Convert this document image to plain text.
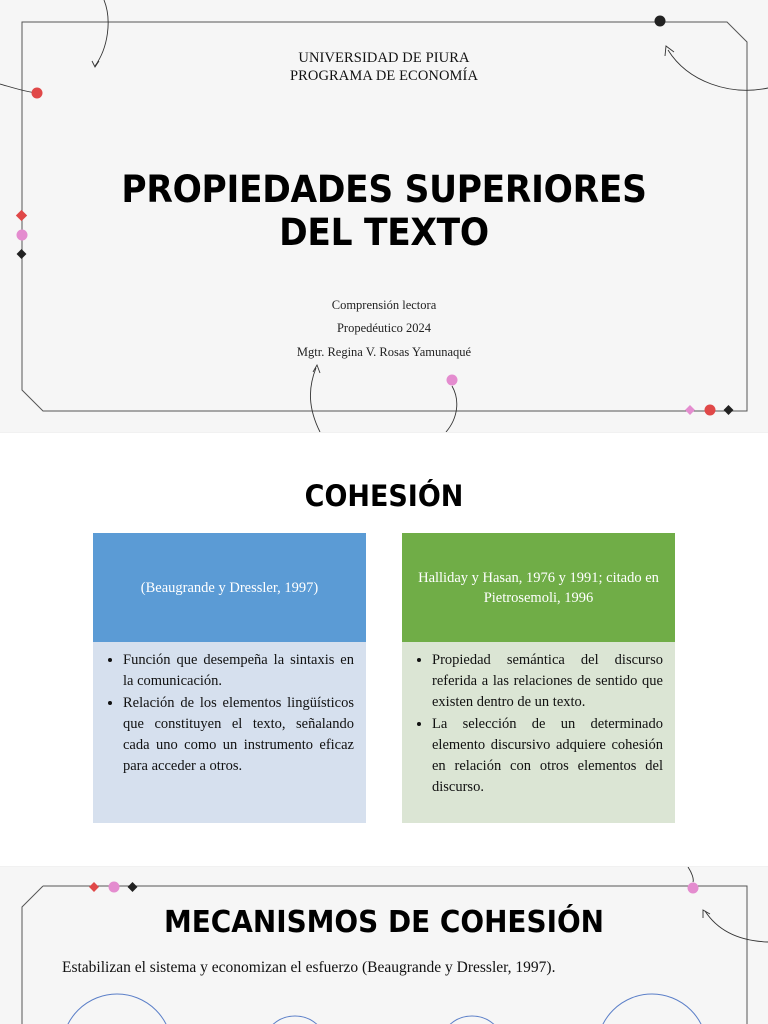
UNIVERSIDAD DE PIURA
PROGRAMA DE ECONOMÍA
PROPIEDADES SUPERIORES
DEL TEXTO
Comprensión lectora
Propedéutico 2024
Mgtr. Regina V. Rosas Yamunaqué
COHESIÓN
(Beaugrande y Dressler, 1997)
• Función que desempeña la sintaxis en la comunicación.
• Relación de los elementos lingüísticos que constituyen el texto, señalando cada uno como un instrumento eficaz para acceder a otros.
Halliday y Hasan, 1976 y 1991; citado en Pietrosemoli, 1996
• Propiedad semántica del discurso referida a las relaciones de sentido que existen dentro de un texto.
• La selección de un determinado elemento discursivo adquiere cohesión en relación con otros elementos del discurso.
MECANISMOS DE COHESIÓN
Estabilizan el sistema y economizan el esfuerzo (Beaugrande y Dressler, 1997).
